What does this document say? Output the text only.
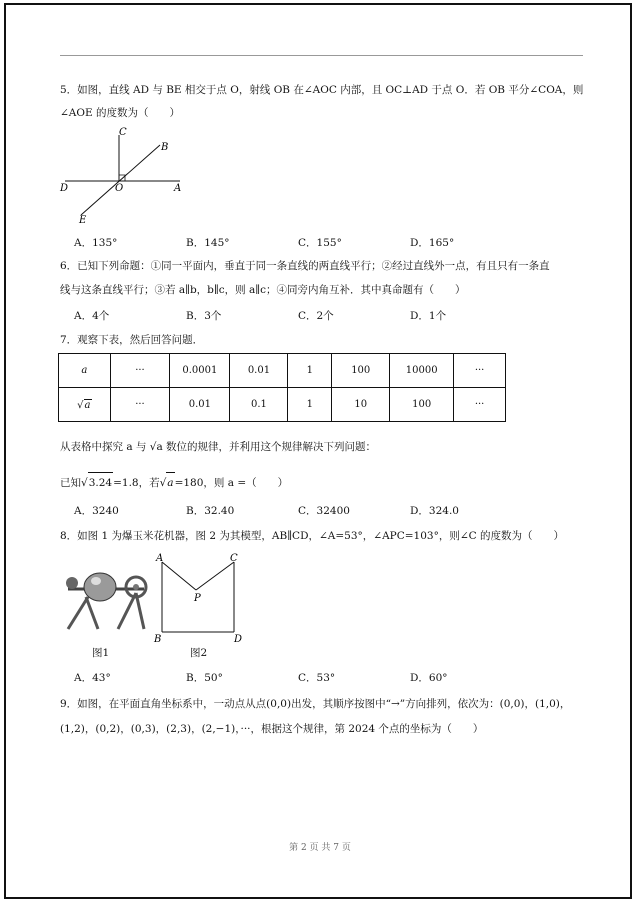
5．如图，直线 AD 与 BE 相交于点 O，射线 OB 在∠AOC 内部，且 OC⊥AD 于点 O．若 OB 平分∠COA，则
∠AOE 的度数为（　　）
C
B
D	O	A
E
A．135°	B．145°	C．155°	D．165°
6．已知下列命题：①同一平面内，垂直于同一条直线的两直线平行；②经过直线外一点，有且只有一条直
线与这条直线平行；③若 a∥b，b∥c，则 a∥c；④同旁内角互补．其中真命题有（　　）
A．4个	B．3个	C．2个	D．1个
7．观察下表，然后回答问题．
a	···	0.0001	0.01	1	100	10000	···
√a	···	0.01	0.1	1	10	100	···
从表格中探究 a 与 √a 数位的规律，并利用这个规律解决下列问题：
已知√3.24=1.8，若√a=180，则 a =（　　）
A．3240	B．32.40	C．32400	D．324.0
8．如图 1 为爆玉米花机器，图 2 为其模型，AB∥CD，∠A=53°，∠APC=103°，则∠C 的度数为（　　）
A	C
P
B	D
图1	图2
A．43°	B．50°	C．53°	D．60°
9．如图，在平面直角坐标系中，一动点从点(0,0)出发，其顺序按图中“→”方向排列，依次为：(0,0)，(1,0)，
(1,2)，(0,2)，(0,3)，(2,3)，(2,−1)，···，根据这个规律，第 2024 个点的坐标为（　　）
第 2 页 共 7 页
